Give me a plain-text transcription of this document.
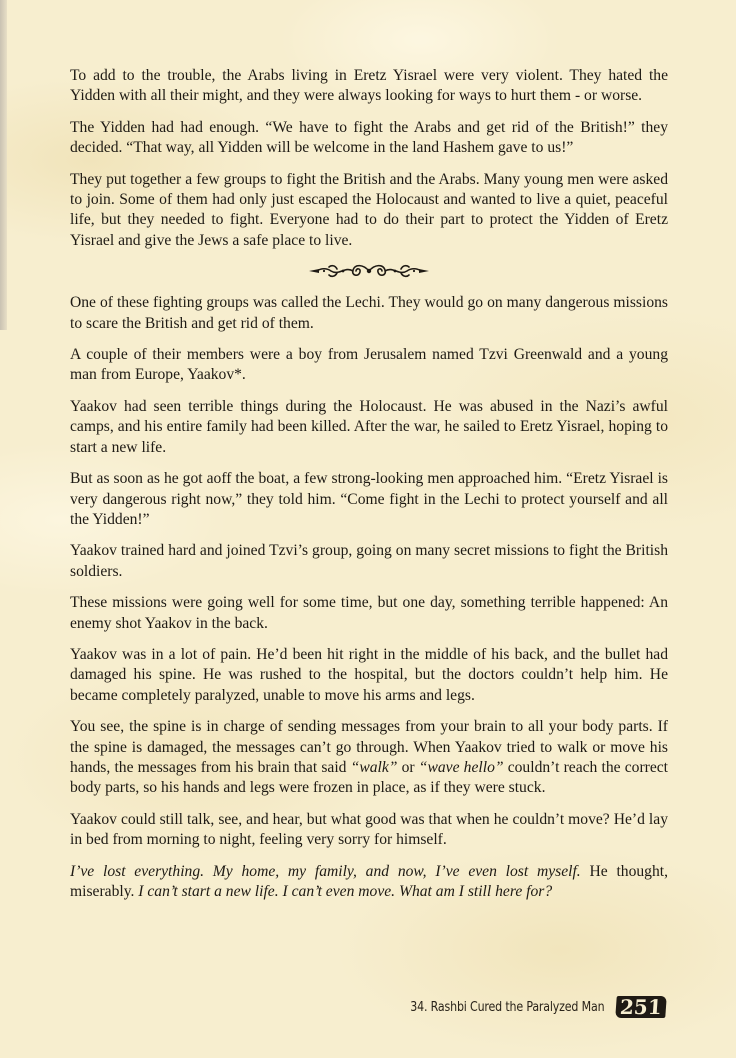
To add to the trouble, the Arabs living in Eretz Yisrael were very violent. They hated the Yidden with all their might, and they were always looking for ways to hurt them - or worse.

The Yidden had had enough. “We have to fight the Arabs and get rid of the British!” they decided. “That way, all Yidden will be welcome in the land Hashem gave to us!”

They put together a few groups to fight the British and the Arabs. Many young men were asked to join. Some of them had only just escaped the Holocaust and wanted to live a quiet, peaceful life, but they needed to fight. Everyone had to do their part to protect the Yidden of Eretz Yisrael and give the Jews a safe place to live.

One of these fighting groups was called the Lechi. They would go on many dangerous missions to scare the British and get rid of them.

A couple of their members were a boy from Jerusalem named Tzvi Greenwald and a young man from Europe, Yaakov*.

Yaakov had seen terrible things during the Holocaust. He was abused in the Nazi’s awful camps, and his entire family had been killed. After the war, he sailed to Eretz Yisrael, hoping to start a new life.

But as soon as he got aoff the boat, a few strong-looking men approached him. “Eretz Yisrael is very dangerous right now,” they told him. “Come fight in the Lechi to protect yourself and all the Yidden!”

Yaakov trained hard and joined Tzvi’s group, going on many secret missions to fight the British soldiers.

These missions were going well for some time, but one day, something terrible happened: An enemy shot Yaakov in the back.

Yaakov was in a lot of pain. He’d been hit right in the middle of his back, and the bullet had damaged his spine. He was rushed to the hospital, but the doctors couldn’t help him. He became completely paralyzed, unable to move his arms and legs.

You see, the spine is in charge of sending messages from your brain to all your body parts. If the spine is damaged, the messages can’t go through. When Yaakov tried to walk or move his hands, the messages from his brain that said “walk” or “wave hello” couldn’t reach the correct body parts, so his hands and legs were frozen in place, as if they were stuck.

Yaakov could still talk, see, and hear, but what good was that when he couldn’t move? He’d lay in bed from morning to night, feeling very sorry for himself.

I’ve lost everything. My home, my family, and now, I’ve even lost myself. He thought, miserably. I can’t start a new life. I can’t even move. What am I still here for?

34. Rashbi Cured the Paralyzed Man 251
